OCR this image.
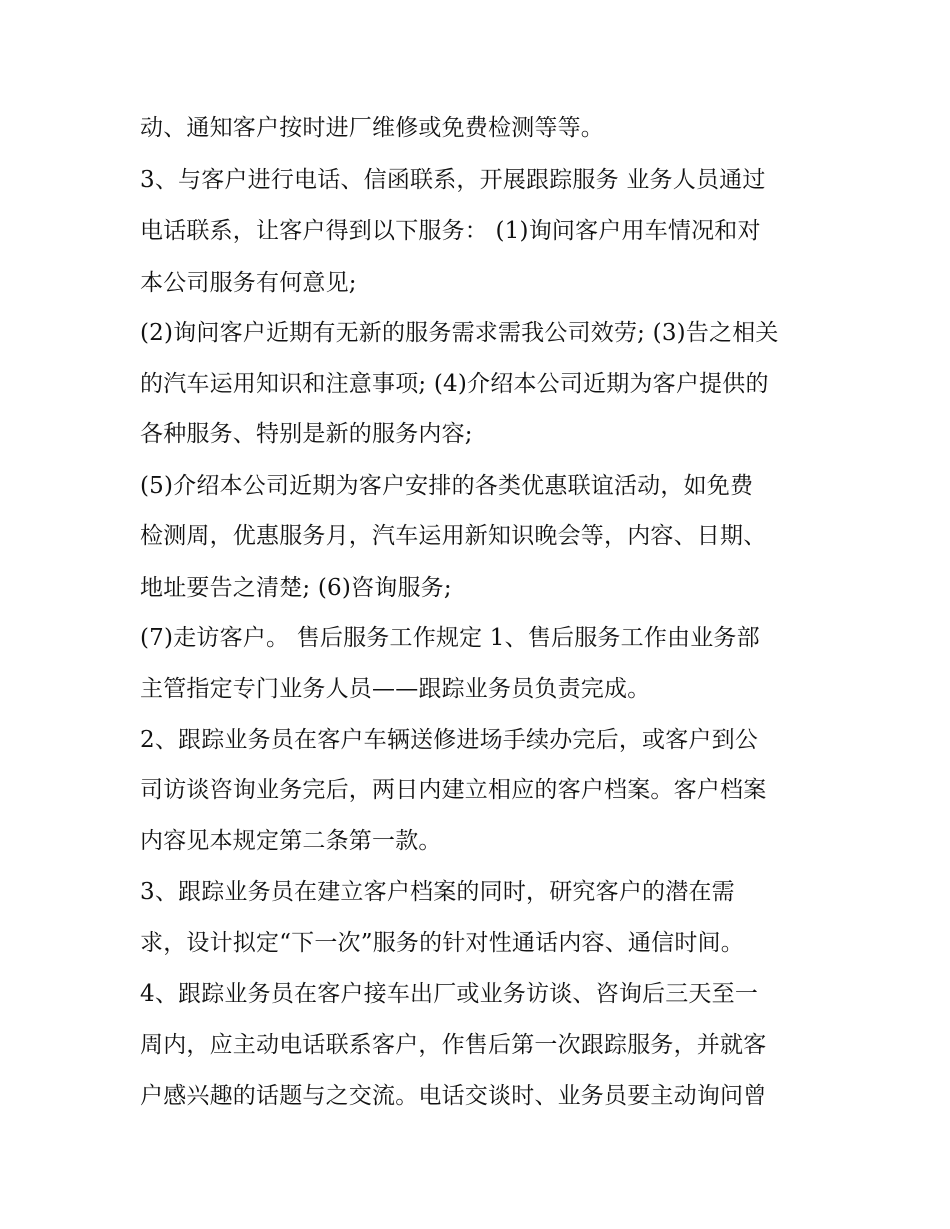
动、通知客户按时进厂维修或免费检测等等。
3、与客户进行电话、信函联系，开展跟踪服务 业务人员通过
电话联系，让客户得到以下服务： (1)询问客户用车情况和对
本公司服务有何意见;
(2)询问客户近期有无新的服务需求需我公司效劳; (3)告之相关
的汽车运用知识和注意事项; (4)介绍本公司近期为客户提供的
各种服务、特别是新的服务内容;
(5)介绍本公司近期为客户安排的各类优惠联谊活动，如免费
检测周，优惠服务月，汽车运用新知识晚会等，内容、日期、
地址要告之清楚; (6)咨询服务;
(7)走访客户。 售后服务工作规定 1、售后服务工作由业务部
主管指定专门业务人员——跟踪业务员负责完成。
2、跟踪业务员在客户车辆送修进场手续办完后，或客户到公
司访谈咨询业务完后，两日内建立相应的客户档案。客户档案
内容见本规定第二条第一款。
3、跟踪业务员在建立客户档案的同时，研究客户的潜在需
求，设计拟定“下一次”服务的针对性通话内容、通信时间。
4、跟踪业务员在客户接车出厂或业务访谈、咨询后三天至一
周内，应主动电话联系客户，作售后第一次跟踪服务，并就客
户感兴趣的话题与之交流。电话交谈时、业务员要主动询问曾
